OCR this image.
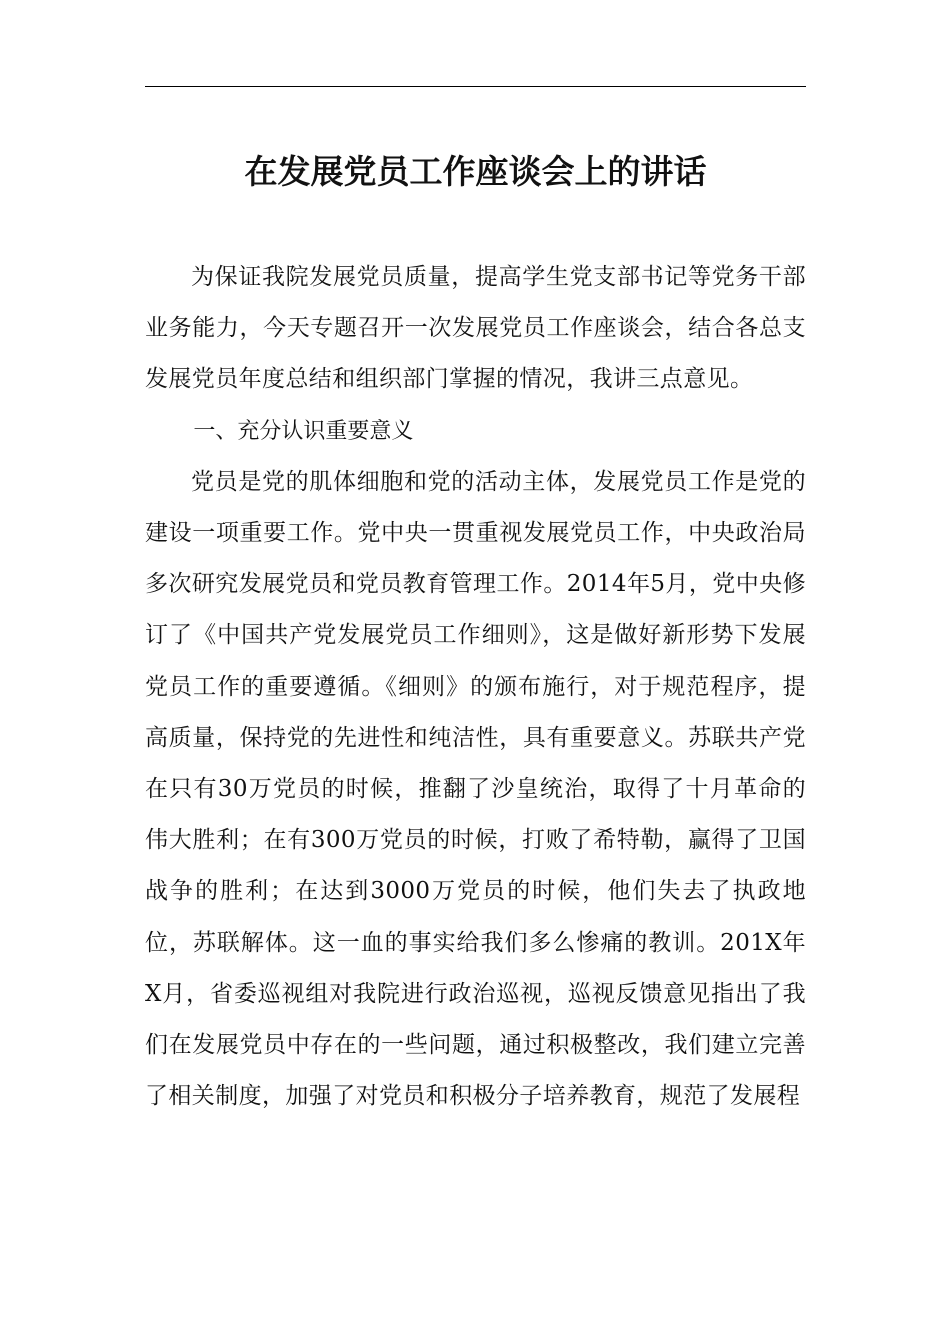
在发展党员工作座谈会上的讲话

为保证我院发展党员质量，提高学生党支部书记等党务干部业务能力，今天专题召开一次发展党员工作座谈会，结合各总支发展党员年度总结和组织部门掌握的情况，我讲三点意见。

一、充分认识重要意义

党员是党的肌体细胞和党的活动主体，发展党员工作是党的建设一项重要工作。党中央一贯重视发展党员工作，中央政治局多次研究发展党员和党员教育管理工作。2014年5月，党中央修订了《中国共产党发展党员工作细则》，这是做好新形势下发展党员工作的重要遵循。《细则》的颁布施行，对于规范程序，提高质量，保持党的先进性和纯洁性，具有重要意义。苏联共产党在只有30万党员的时候，推翻了沙皇统治，取得了十月革命的伟大胜利；在有300万党员的时候，打败了希特勒，赢得了卫国战争的胜利；在达到3000万党员的时候，他们失去了执政地位，苏联解体。这一血的事实给我们多么惨痛的教训。201X年X月，省委巡视组对我院进行政治巡视，巡视反馈意见指出了我们在发展党员中存在的一些问题，通过积极整改，我们建立完善了相关制度，加强了对党员和积极分子培养教育，规范了发展程
